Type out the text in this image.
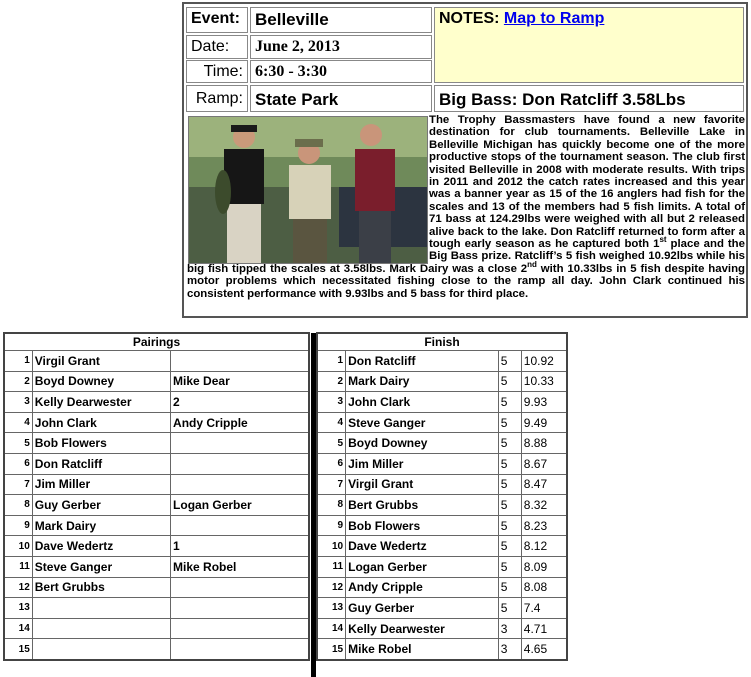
Event: Belleville
Date:	June 2, 2013
Time: 6:30 - 3:30
Ramp: State Park
NOTES: Map to Ramp
Big Bass: Don Ratcliff 3.58Lbs
The Trophy Bassmasters have found a new favorite destination for club tournaments. Belleville Lake in Belleville Michigan has quickly become one of the more productive stops of the tournament season. The club first visited Belleville in 2008 with moderate results. With trips in 2011 and 2012 the catch rates increased and this year was a banner year as 15 of the 16 anglers had fish for the scales and 13 of the members had 5 fish limits. A total of 71 bass at 124.29lbs were weighed with all but 2 released alive back to the lake. Don Ratcliff returned to form after a tough early season as he captured both 1st place and the Big Bass prize. Ratcliff’s 5 fish weighed 10.92lbs while his big fish tipped the scales at 3.58lbs. Mark Dairy was a close 2nd with 10.33lbs in 5 fish despite having motor problems which necessitated fishing close to the ramp all day. John Clark continued his consistent performance with 9.93lbs and 5 bass for third place.
Pairings		
1	Virgil Grant	
2	Boyd Downey	Mike Dear
3	Kelly Dearwester	2
4	John Clark	Andy Cripple
5	Bob Flowers	
6	Don Ratcliff	
7	Jim Miller	
8	Guy Gerber	Logan Gerber
9	Mark Dairy	
10	Dave Wedertz	1
11	Steve Ganger	Mike Robel
12	Bert Grubbs	
13		
14		
15		
Finish			
1	Don Ratcliff	5	10.92
2	Mark Dairy	5	10.33
3	John Clark	5	9.93
4	Steve Ganger	5	9.49
5	Boyd Downey	5	8.88
6	Jim Miller	5	8.67
7	Virgil Grant	5	8.47
8	Bert Grubbs	5	8.32
9	Bob Flowers	5	8.23
10	Dave Wedertz	5	8.12
11	Logan Gerber	5	8.09
12	Andy Cripple	5	8.08
13	Guy Gerber	5	7.4
14	Kelly Dearwester	3	4.71
15	Mike Robel	3	4.65
